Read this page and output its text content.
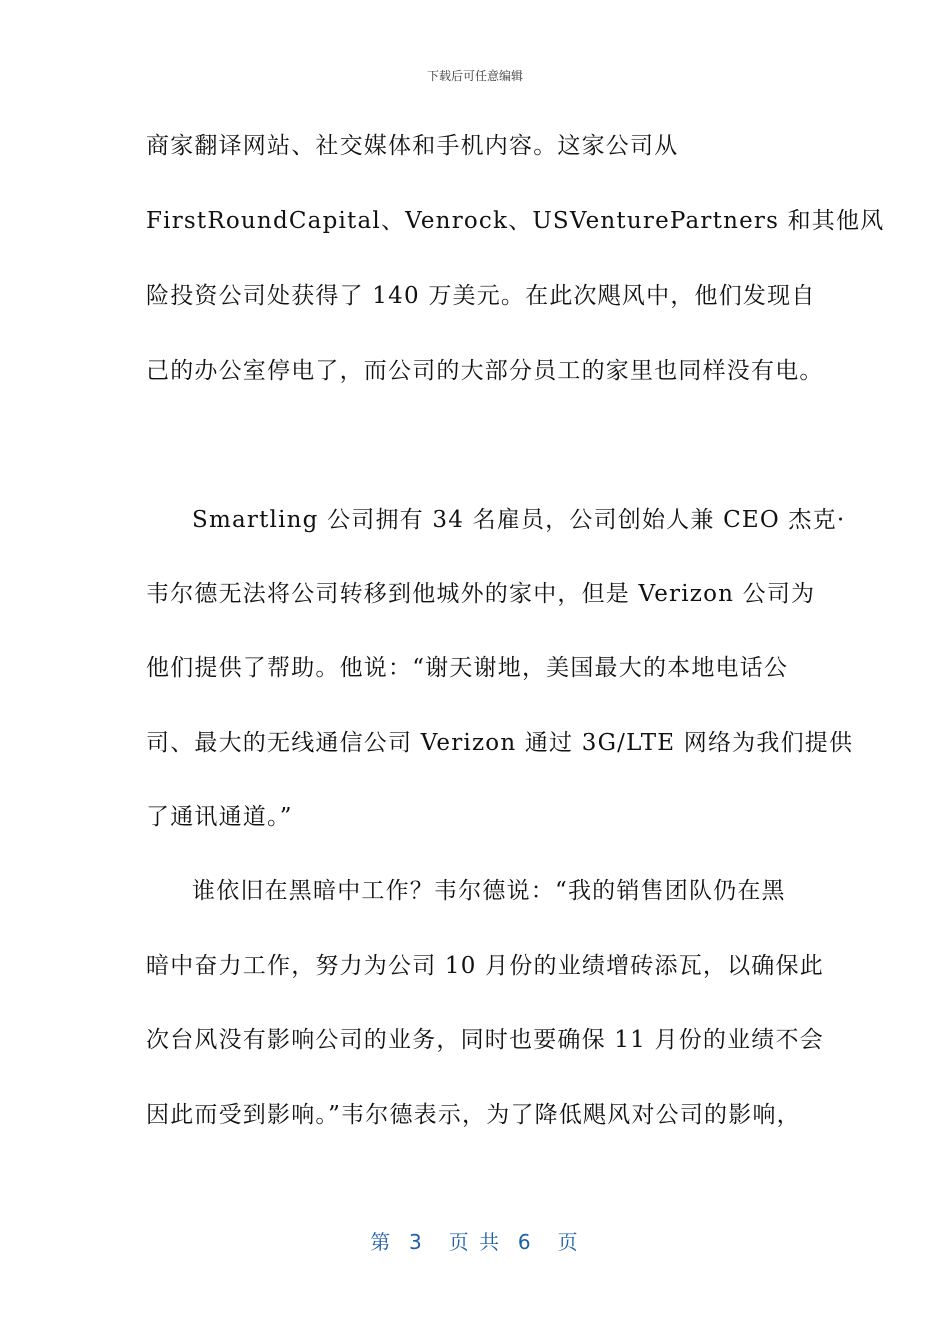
下载后可任意编辑
商家翻译网站、社交媒体和手机内容。这家公司从
FirstRoundCapital、Venrock、USVenturePartners 和其他风
险投资公司处获得了 140 万美元。在此次飓风中，他们发现自
己的办公室停电了，而公司的大部分员工的家里也同样没有电。
Smartling 公司拥有 34 名雇员，公司创始人兼 CEO 杰克·
韦尔德无法将公司转移到他城外的家中，但是 Verizon 公司为
他们提供了帮助。他说：“谢天谢地，美国最大的本地电话公
司、最大的无线通信公司 Verizon 通过 3G/LTE 网络为我们提供
了通讯通道。”
谁依旧在黑暗中工作？韦尔德说：“我的销售团队仍在黑
暗中奋力工作，努力为公司 10 月份的业绩增砖添瓦，以确保此
次台风没有影响公司的业务，同时也要确保 11 月份的业绩不会
因此而受到影响。”韦尔德表示，为了降低飓风对公司的影响，
第  3   页 共  6   页
